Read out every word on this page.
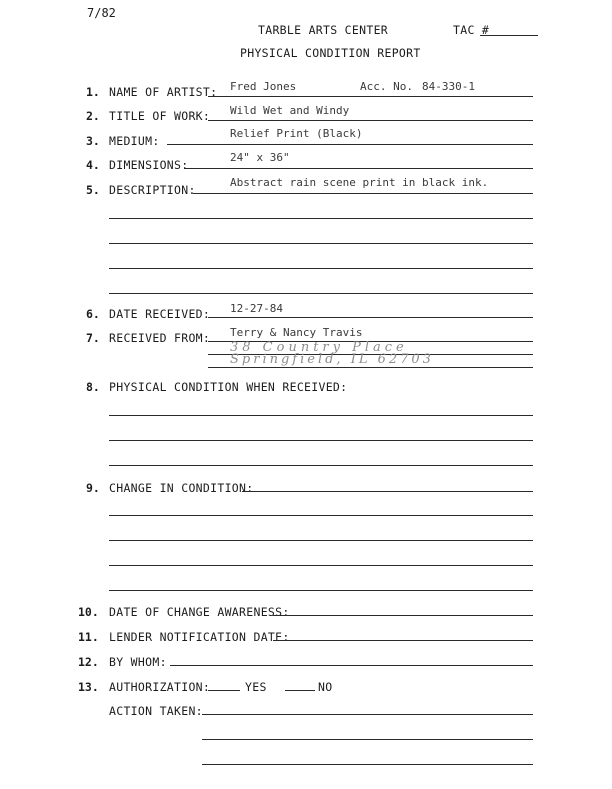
7/82
TARBLE ARTS CENTER	TAC #
PHYSICAL CONDITION REPORT
1. NAME OF ARTIST: Fred Jones	Acc. No. 84-330-1
2. TITLE OF WORK: Wild Wet and Windy
3. MEDIUM:
Relief Print (Black)
4. DIMENSIONS:
24" x 36"
5. DESCRIPTION:
Abstract rain scene print in black ink.
6. DATE RECEIVED: 12-27-84
7. RECEIVED FROM: Terry & Nancy Travis
38 Country Place
Springfield, IL 62703
8. PHYSICAL CONDITION WHEN RECEIVED:
9. CHANGE IN CONDITION:
10. DATE OF CHANGE AWARENESS:
11. LENDER NOTIFICATION DATE:
12. BY WHOM:
13. AUTHORIZATION:	YES	NO
ACTION TAKEN:
